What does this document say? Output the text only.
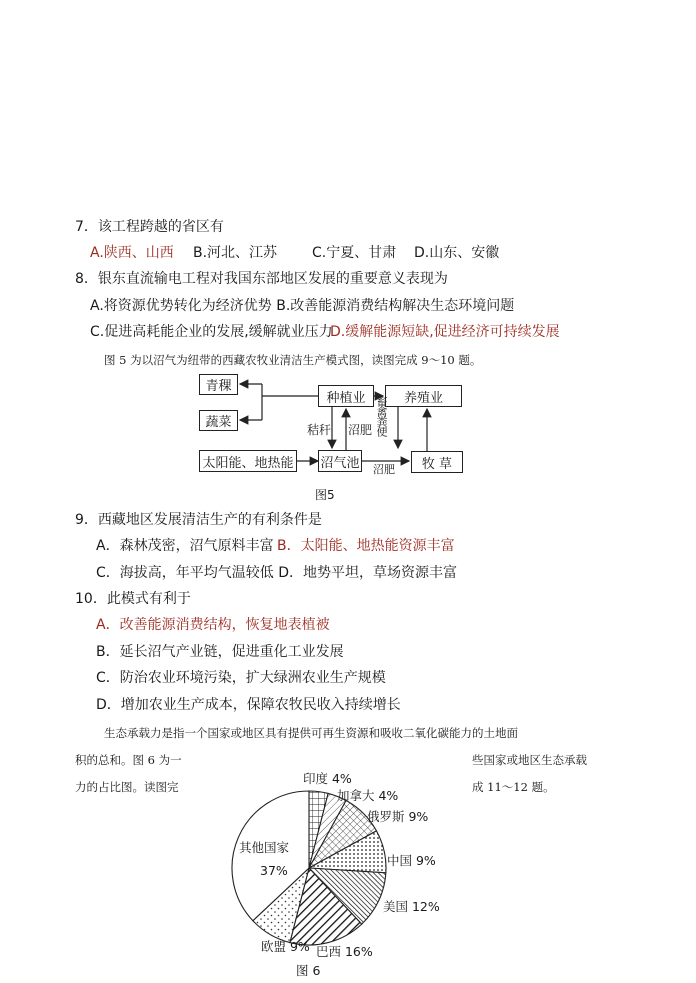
7．该工程跨越的省区有
A.陕西、山西 B.河北、江苏 C.宁夏、甘肃 D.山东、安徽
8．银东直流输电工程对我国东部地区发展的重要意义表现为
A.将资源优势转化为经济优势 B.改善能源消费结构解决生态环境问题
C.促进高耗能企业的发展,缓解就业压力
D.缓解能源短缺,促进经济可持续发展
图 5 为以沼气为纽带的西藏农牧业清洁生产模式图，读图完成 9～10 题。
青稞
蔬菜
种植业	养殖业
太阳能、地热能 沼气池	牧 草
秸秆 沼肥 畜禽粪便
沼肥
图5
9．西藏地区发展清洁生产的有利条件是
A．森林茂密，沼气原料丰富 B．太阳能、地热能资源丰富
C．海拔高，年平均气温较低 D．地势平坦，草场资源丰富
10．此模式有利于
A．改善能源消费结构，恢复地表植被
B．延长沼气产业链，促进重化工业发展
C．防治农业环境污染，扩大绿洲农业生产规模
D．增加农业生产成本，保障农牧民收入持续增长
生态承载力是指一个国家或地区具有提供可再生资源和吸收二氧化碳能力的土地面
积的总和。图 6 为一	些国家或地区生态承载
力的占比图。读图完	成 11～12 题。
印度 4%
加拿大 4%
俄罗斯 9%
中国 9%
美国 12%
巴西 16%
欧盟 9%
其他国家
37%
图 6
